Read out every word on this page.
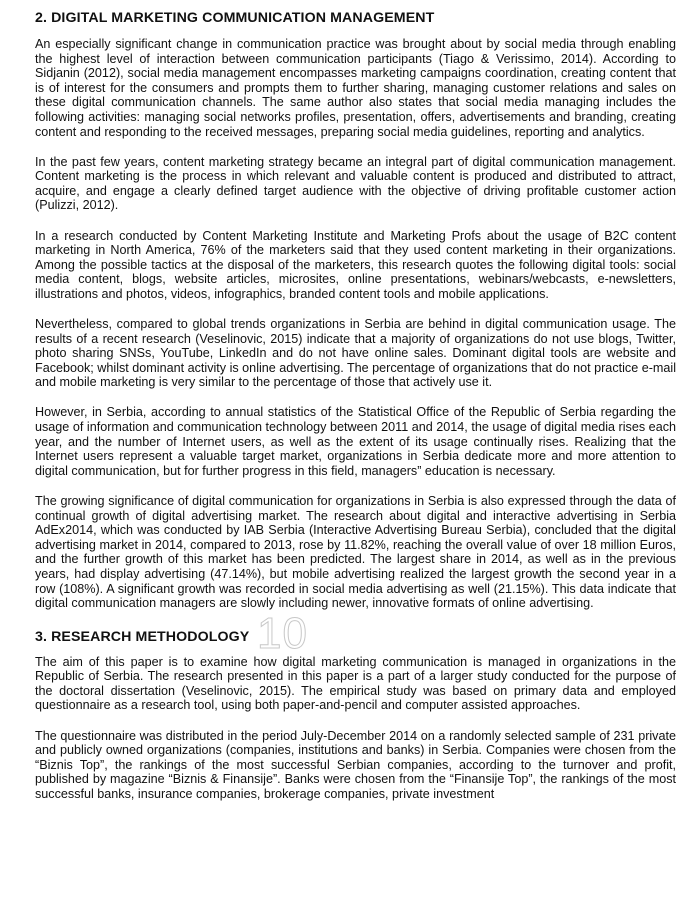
2. DIGITAL MARKETING COMMUNICATION MANAGEMENT

An especially significant change in communication practice was brought about by social media through enabling the highest level of interaction between communication participants (Tiago & Verissimo, 2014). According to Sidjanin (2012), social media management encompasses marketing campaigns coordination, creating content that is of interest for the consumers and prompts them to further sharing, managing customer relations and sales on these digital communication channels. The same author also states that social media managing includes the following activities: managing social networks profiles, presentation, offers, advertisements and branding, creating content and responding to the received messages, preparing social media guidelines, reporting and analytics.

In the past few years, content marketing strategy became an integral part of digital communication management. Content marketing is the process in which relevant and valuable content is produced and distributed to attract, acquire, and engage a clearly defined target audience with the objective of driving profitable customer action (Pulizzi, 2012).

In a research conducted by Content Marketing Institute and Marketing Profs about the usage of B2C content marketing in North America, 76% of the marketers said that they used content marketing in their organizations. Among the possible tactics at the disposal of the marketers, this research quotes the following digital tools: social media content, blogs, website articles, microsites, online presentations, webinars/webcasts, e-newsletters, illustrations and photos, videos, infographics, branded content tools and mobile applications.

Nevertheless, compared to global trends organizations in Serbia are behind in digital communication usage. The results of a recent research (Veselinovic, 2015) indicate that a majority of organizations do not use blogs, Twitter, photo sharing SNSs, YouTube, LinkedIn and do not have online sales. Dominant digital tools are website and Facebook; whilst dominant activity is online advertising. The percentage of organizations that do not practice e-mail and mobile marketing is very similar to the percentage of those that actively use it.

However, in Serbia, according to annual statistics of the Statistical Office of the Republic of Serbia regarding the usage of information and communication technology between 2011 and 2014, the usage of digital media rises each year, and the number of Internet users, as well as the extent of its usage continually rises. Realizing that the Internet users represent a valuable target market, organizations in Serbia dedicate more and more attention to digital communication, but for further progress in this field, managers” education is necessary.

The growing significance of digital communication for organizations in Serbia is also expressed through the data of continual growth of digital advertising market. The research about digital and interactive advertising in Serbia AdEx2014, which was conducted by IAB Serbia (Interactive Advertising Bureau Serbia), concluded that the digital advertising market in 2014, compared to 2013, rose by 11.82%, reaching the overall value of over 18 million Euros, and the further growth of this market has been predicted. The largest share in 2014, as well as in the previous years, had display advertising (47.14%), but mobile advertising realized the largest growth the second year in a row (108%). A significant growth was recorded in social media advertising as well (21.15%). This data indicate that digital communication managers are slowly including newer, innovative formats of online advertising.

3. RESEARCH METHODOLOGY 10

The aim of this paper is to examine how digital marketing communication is managed in organizations in the Republic of Serbia. The research presented in this paper is a part of a larger study conducted for the purpose of the doctoral dissertation (Veselinovic, 2015). The empirical study was based on primary data and employed questionnaire as a research tool, using both paper-and-pencil and computer assisted approaches.

The questionnaire was distributed in the period July-December 2014 on a randomly selected sample of 231 private and publicly owned organizations (companies, institutions and banks) in Serbia. Companies were chosen from the “Biznis Top”, the rankings of the most successful Serbian companies, according to the turnover and profit, published by magazine “Biznis & Finansije”. Banks were chosen from the “Finansije Top”, the rankings of the most successful banks, insurance companies, brokerage companies, private investment
